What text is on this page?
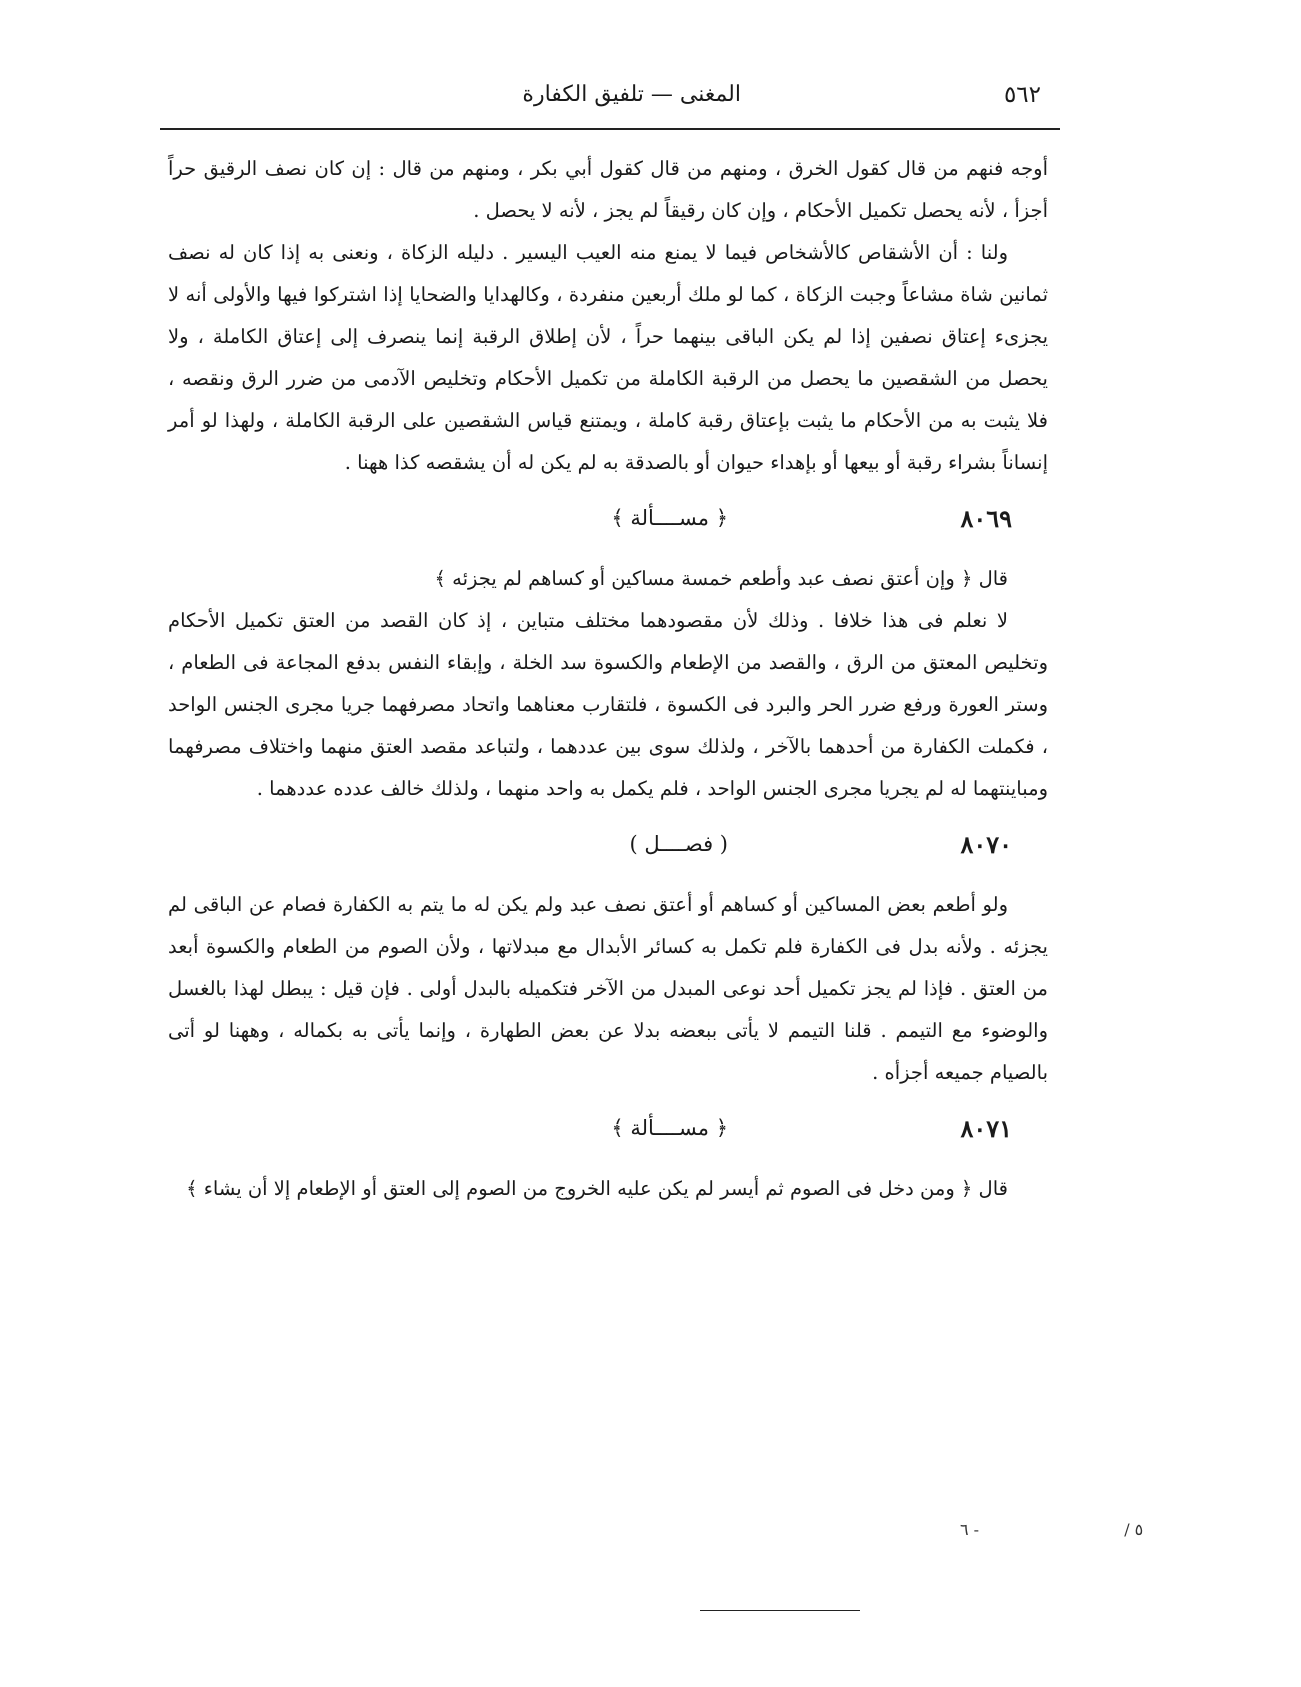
المغنى — تلفيق الكفارة	٥٦٢

أوجه فنهم من قال كقول الخرق ، ومنهم من قال كقول أبي بكر ، ومنهم من قال : إن كان نصف الرقيق حراً أجزأ ، لأنه يحصل تكميل الأحكام ، وإن كان رقيقاً لم يجز ، لأنه لا يحصل .

ولنا : أن الأشقاص كالأشخاص فيما لا يمنع منه العيب اليسير . دليله الزكاة ، ونعنى به إذا كان له نصف ثمانين شاة مشاعاً وجبت الزكاة ، كما لو ملك أربعين منفردة ، وكالهدايا والضحايا إذا اشتركوا فيها والأولى أنه لا يجزىء إعتاق نصفين إذا لم يكن الباقى بينهما حراً ، لأن إطلاق الرقبة إنما ينصرف إلى إعتاق الكاملة ، ولا يحصل من الشقصين ما يحصل من الرقبة الكاملة من تكميل الأحكام وتخليص الآدمى من ضرر الرق ونقصه ، فلا يثبت به من الأحكام ما يثبت بإعتاق رقبة كاملة ، ويمتنع قياس الشقصين على الرقبة الكاملة ، ولهذا لو أمر إنساناً بشراء رقبة أو بيعها أو بإهداء حيوان أو بالصدقة به لم يكن له أن يشقصه كذا ههنا .

٨٠٦٩
﴿ مســــألة ﴾

قال ﴿ وإن أعتق نصف عبد وأطعم خمسة مساكين أو كساهم لم يجزئه ﴾

لا نعلم فى هذا خلافا . وذلك لأن مقصودهما مختلف متباين ، إذ كان القصد من العتق تكميل الأحكام وتخليص المعتق من الرق ، والقصد من الإطعام والكسوة سد الخلة ، وإبقاء النفس بدفع المجاعة فى الطعام ، وستر العورة ورفع ضرر الحر والبرد فى الكسوة ، فلتقارب معناهما واتحاد مصرفهما جريا مجرى الجنس الواحد ، فكملت الكفارة من أحدهما بالآخر ، ولذلك سوى بين عددهما ، ولتباعد مقصد العتق منهما واختلاف مصرفهما ومباينتهما له لم يجريا مجرى الجنس الواحد ، فلم يكمل به واحد منهما ، ولذلك خالف عدده عددهما .

٨٠٧٠
( فصــــل )

ولو أطعم بعض المساكين أو كساهم أو أعتق نصف عبد ولم يكن له ما يتم به الكفارة فصام عن الباقى لم يجزئه . ولأنه بدل فى الكفارة فلم تكمل به كسائر الأبدال مع مبدلاتها ، ولأن الصوم من الطعام والكسوة أبعد من العتق . فإذا لم يجز تكميل أحد نوعى المبدل من الآخر فتكميله بالبدل أولى . فإن قيل : يبطل لهذا بالغسل والوضوء مع التيمم . قلنا التيمم لا يأتى ببعضه بدلا عن بعض الطهارة ، وإنما يأتى به بكماله ، وههنا لو أتى بالصيام جميعه أجزأه .

٨٠٧١
﴿ مســــألة ﴾

قال ﴿ ومن دخل فى الصوم ثم أيسر لم يكن عليه الخروج من الصوم إلى العتق أو الإطعام إلا أن يشاء ﴾

٥ / - ٦
